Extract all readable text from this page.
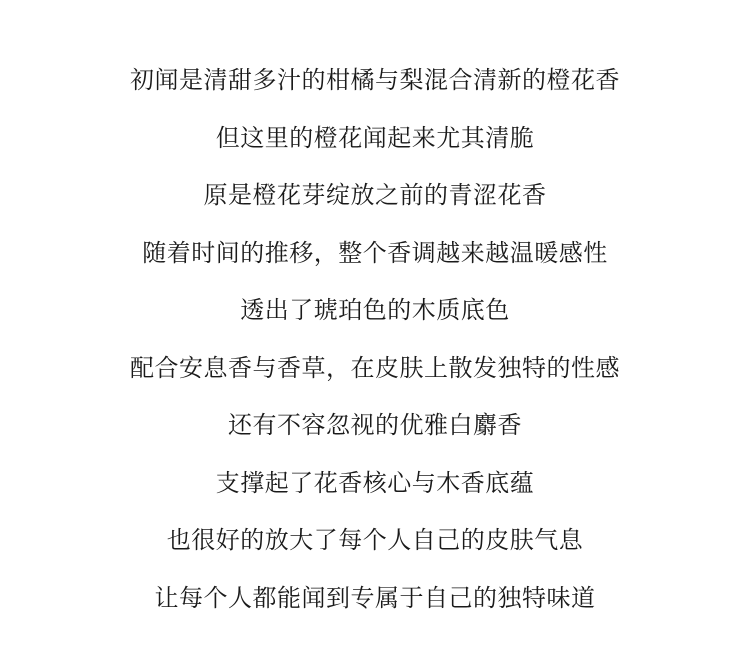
初闻是清甜多汁的柑橘与梨混合清新的橙花香
但这里的橙花闻起来尤其清脆
原是橙花芽绽放之前的青涩花香
随着时间的推移，整个香调越来越温暖感性
透出了琥珀色的木质底色
配合安息香与香草，在皮肤上散发独特的性感
还有不容忽视的优雅白麝香
支撑起了花香核心与木香底蕴
也很好的放大了每个人自己的皮肤气息
让每个人都能闻到专属于自己的独特味道
